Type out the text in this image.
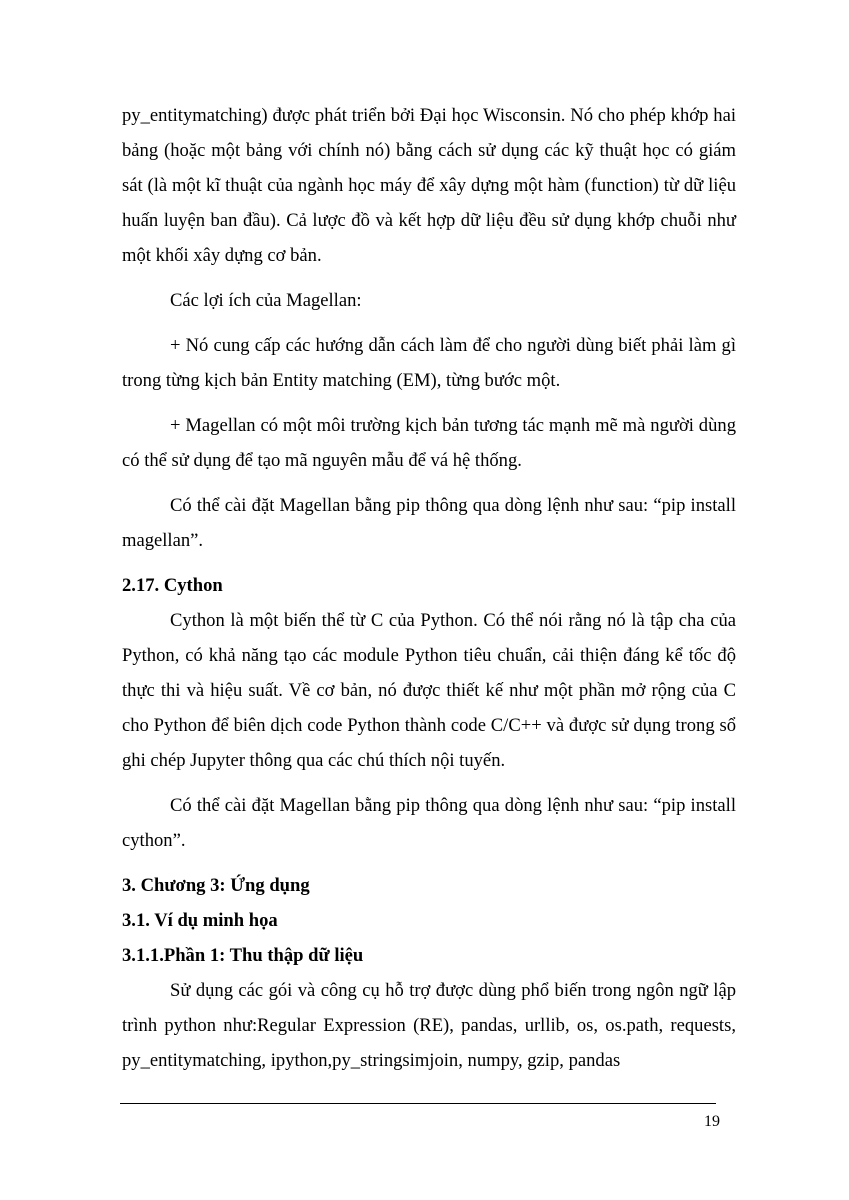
py_entitymatching) được phát triển bởi Đại học Wisconsin. Nó cho phép khớp hai bảng (hoặc một bảng với chính nó) bằng cách sử dụng các kỹ thuật học có giám sát (là một kĩ thuật của ngành học máy để xây dựng một hàm (function) từ dữ liệu huấn luyện ban đầu). Cả lược đồ và kết hợp dữ liệu đều sử dụng khớp chuỗi như một khối xây dựng cơ bản.

Các lợi ích của Magellan:

+ Nó cung cấp các hướng dẫn cách làm để cho người dùng biết phải làm gì trong từng kịch bản Entity matching (EM), từng bước một.

+ Magellan có một môi trường kịch bản tương tác mạnh mẽ mà người dùng có thể sử dụng để tạo mã nguyên mẫu để vá hệ thống.

Có thể cài đặt Magellan bằng pip thông qua dòng lệnh như sau: “pip install magellan”.

2.17. Cython

Cython là một biến thể từ C của Python. Có thể nói rằng nó là tập cha của Python, có khả năng tạo các module Python tiêu chuẩn, cải thiện đáng kể tốc độ thực thi và hiệu suất. Về cơ bản, nó được thiết kế như một phần mở rộng của C cho Python để biên dịch code Python thành code C/C++ và được sử dụng trong sổ ghi chép Jupyter thông qua các chú thích nội tuyến.

Có thể cài đặt Magellan bằng pip thông qua dòng lệnh như sau: “pip install cython”.

3. Chương 3: Ứng dụng
3.1. Ví dụ minh họa
3.1.1.Phần 1: Thu thập dữ liệu

Sử dụng các gói và công cụ hỗ trợ được dùng phổ biến trong ngôn ngữ lập trình python như:Regular Expression (RE), pandas, urllib, os, os.path, requests, py_entitymatching, ipython,py_stringsimjoin, numpy, gzip, pandas

19
